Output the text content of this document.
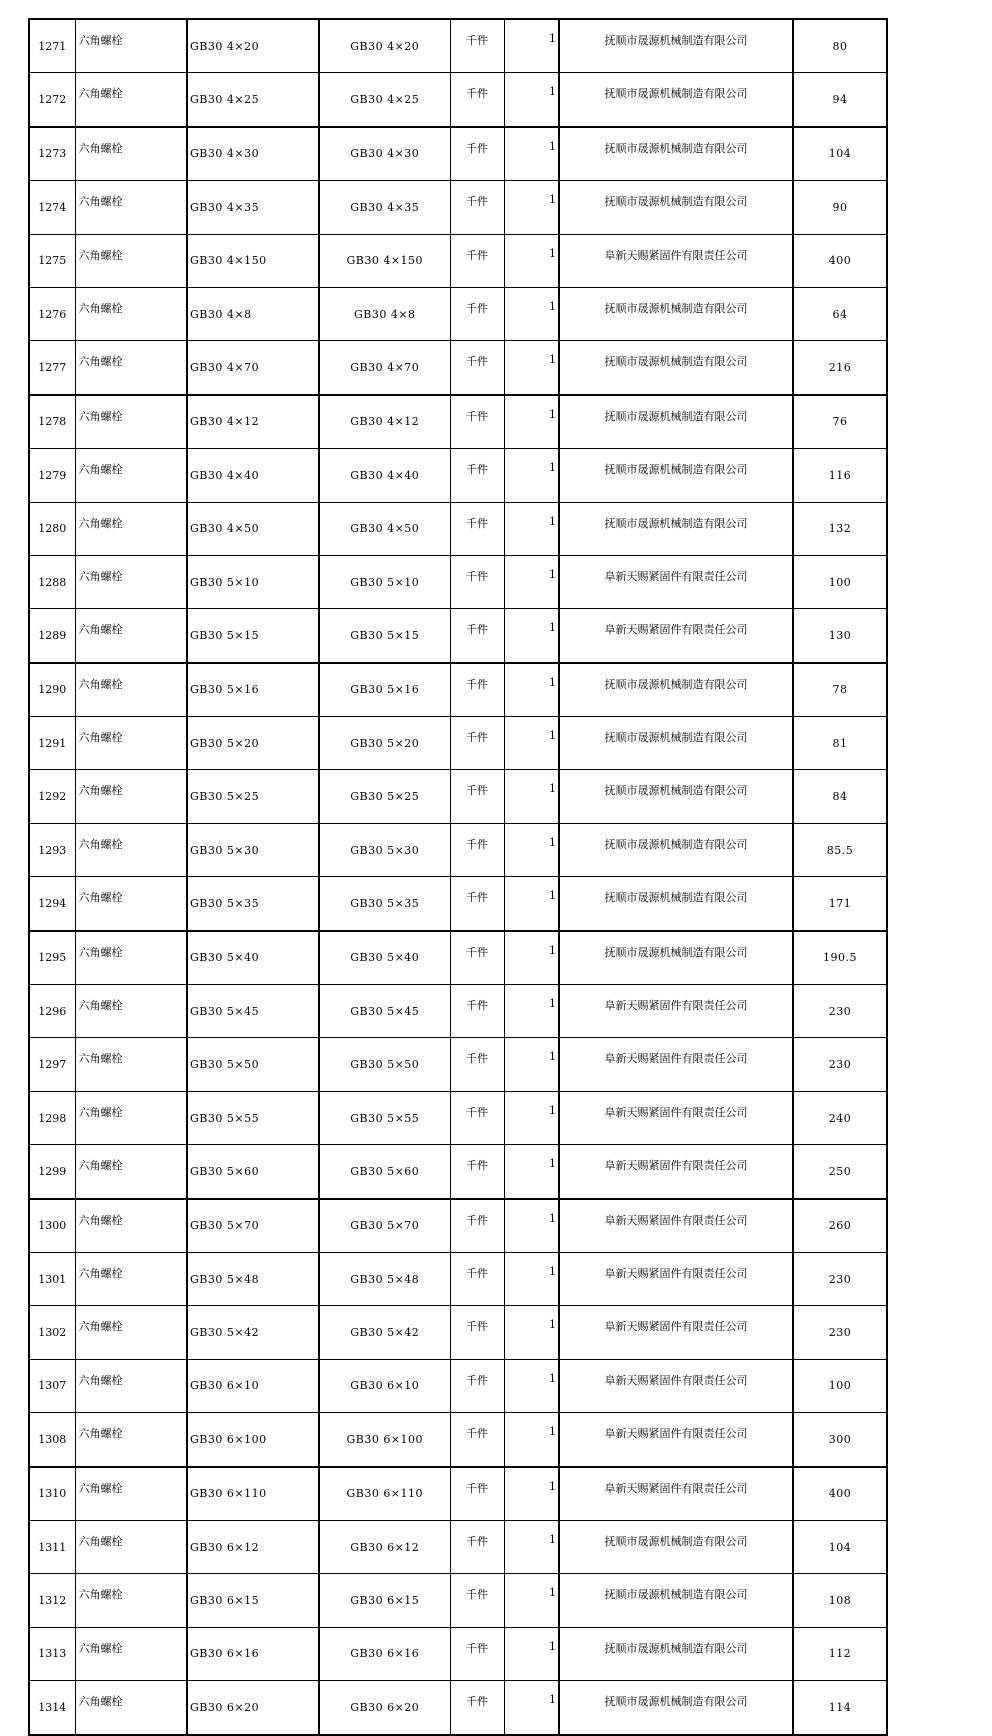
1271	六角螺栓	GB30 4×20	GB30 4×20	千件	1	抚顺市晟源机械制造有限公司	80
1272	六角螺栓	GB30 4×25	GB30 4×25	千件	1	抚顺市晟源机械制造有限公司	94
1273	六角螺栓	GB30 4×30	GB30 4×30	千件	1	抚顺市晟源机械制造有限公司	104
1274	六角螺栓	GB30 4×35	GB30 4×35	千件	1	抚顺市晟源机械制造有限公司	90
1275	六角螺栓	GB30 4×150	GB30 4×150	千件	1	阜新天赐紧固件有限责任公司	400
1276	六角螺栓	GB30 4×8	GB30 4×8	千件	1	抚顺市晟源机械制造有限公司	64
1277	六角螺栓	GB30 4×70	GB30 4×70	千件	1	抚顺市晟源机械制造有限公司	216
1278	六角螺栓	GB30 4×12	GB30 4×12	千件	1	抚顺市晟源机械制造有限公司	76
1279	六角螺栓	GB30 4×40	GB30 4×40	千件	1	抚顺市晟源机械制造有限公司	116
1280	六角螺栓	GB30 4×50	GB30 4×50	千件	1	抚顺市晟源机械制造有限公司	132
1288	六角螺栓	GB30 5×10	GB30 5×10	千件	1	阜新天赐紧固件有限责任公司	100
1289	六角螺栓	GB30 5×15	GB30 5×15	千件	1	阜新天赐紧固件有限责任公司	130
1290	六角螺栓	GB30 5×16	GB30 5×16	千件	1	抚顺市晟源机械制造有限公司	78
1291	六角螺栓	GB30 5×20	GB30 5×20	千件	1	抚顺市晟源机械制造有限公司	81
1292	六角螺栓	GB30 5×25	GB30 5×25	千件	1	抚顺市晟源机械制造有限公司	84
1293	六角螺栓	GB30 5×30	GB30 5×30	千件	1	抚顺市晟源机械制造有限公司	85.5
1294	六角螺栓	GB30 5×35	GB30 5×35	千件	1	抚顺市晟源机械制造有限公司	171
1295	六角螺栓	GB30 5×40	GB30 5×40	千件	1	抚顺市晟源机械制造有限公司	190.5
1296	六角螺栓	GB30 5×45	GB30 5×45	千件	1	阜新天赐紧固件有限责任公司	230
1297	六角螺栓	GB30 5×50	GB30 5×50	千件	1	阜新天赐紧固件有限责任公司	230
1298	六角螺栓	GB30 5×55	GB30 5×55	千件	1	阜新天赐紧固件有限责任公司	240
1299	六角螺栓	GB30 5×60	GB30 5×60	千件	1	阜新天赐紧固件有限责任公司	250
1300	六角螺栓	GB30 5×70	GB30 5×70	千件	1	阜新天赐紧固件有限责任公司	260
1301	六角螺栓	GB30 5×48	GB30 5×48	千件	1	阜新天赐紧固件有限责任公司	230
1302	六角螺栓	GB30 5×42	GB30 5×42	千件	1	阜新天赐紧固件有限责任公司	230
1307	六角螺栓	GB30 6×10	GB30 6×10	千件	1	阜新天赐紧固件有限责任公司	100
1308	六角螺栓	GB30 6×100	GB30 6×100	千件	1	阜新天赐紧固件有限责任公司	300
1310	六角螺栓	GB30 6×110	GB30 6×110	千件	1	阜新天赐紧固件有限责任公司	400
1311	六角螺栓	GB30 6×12	GB30 6×12	千件	1	抚顺市晟源机械制造有限公司	104
1312	六角螺栓	GB30 6×15	GB30 6×15	千件	1	抚顺市晟源机械制造有限公司	108
1313	六角螺栓	GB30 6×16	GB30 6×16	千件	1	抚顺市晟源机械制造有限公司	112
1314	六角螺栓	GB30 6×20	GB30 6×20	千件	1	抚顺市晟源机械制造有限公司	114
